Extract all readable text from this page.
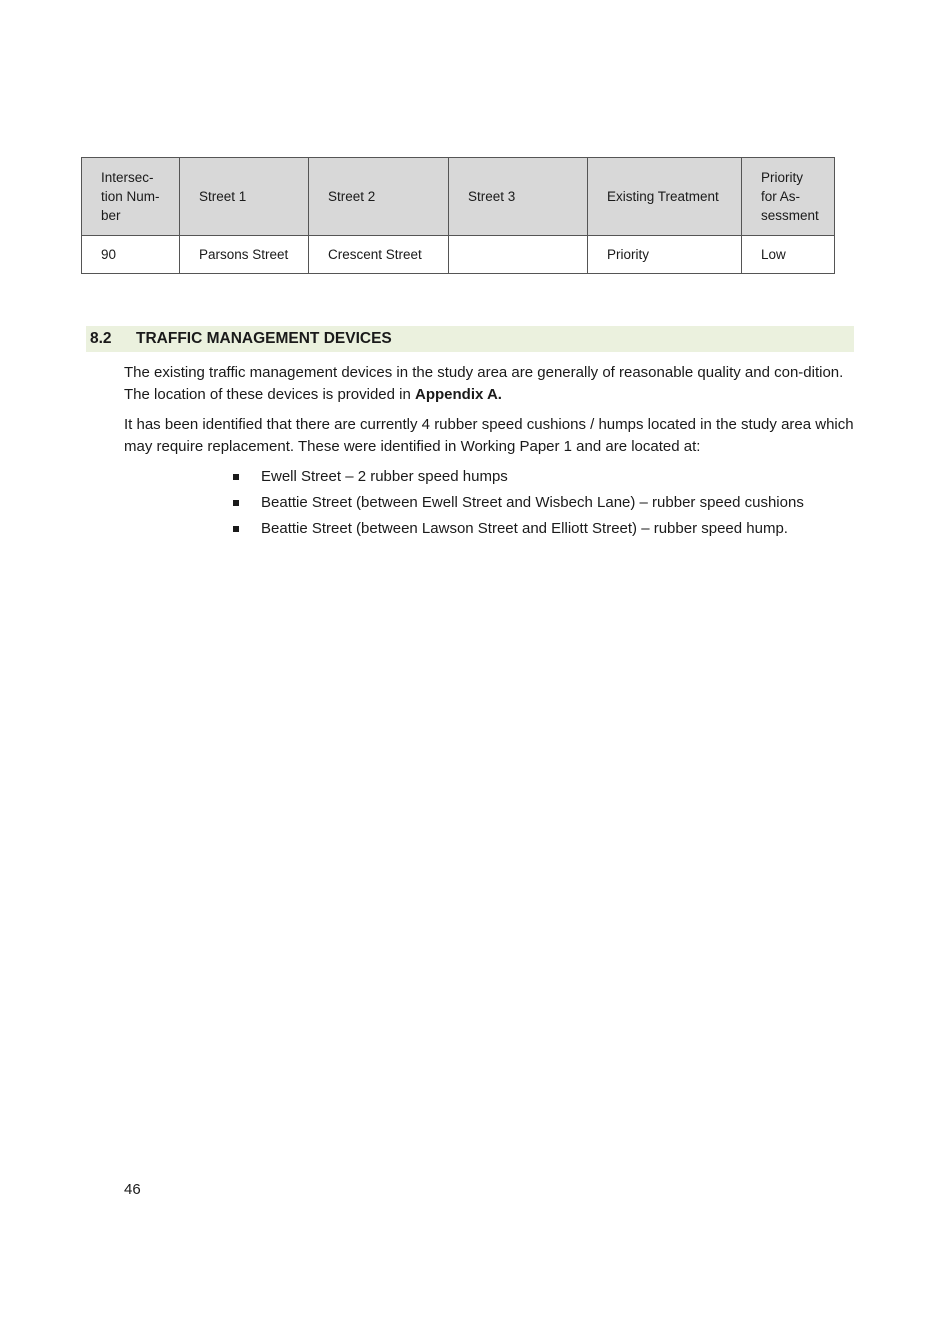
Intersec-
tion Num-
ber	Street 1	Street 2	Street 3	Existing Treatment	Priority
for As-
sessment
90	Parsons Street	Crescent Street		Priority	Low
8.2	TRAFFIC MANAGEMENT DEVICES

The existing traffic management devices in the study area are generally of reasonable quality and con-dition. The location of these devices is provided in Appendix A.

It has been identified that there are currently 4 rubber speed cushions / humps located in the study area which may require replacement. These were identified in Working Paper 1 and are located at:

Ewell Street – 2 rubber speed humps
Beattie Street (between Ewell Street and Wisbech Lane) – rubber speed cushions
Beattie Street (between Lawson Street and Elliott Street) – rubber speed hump.
46
